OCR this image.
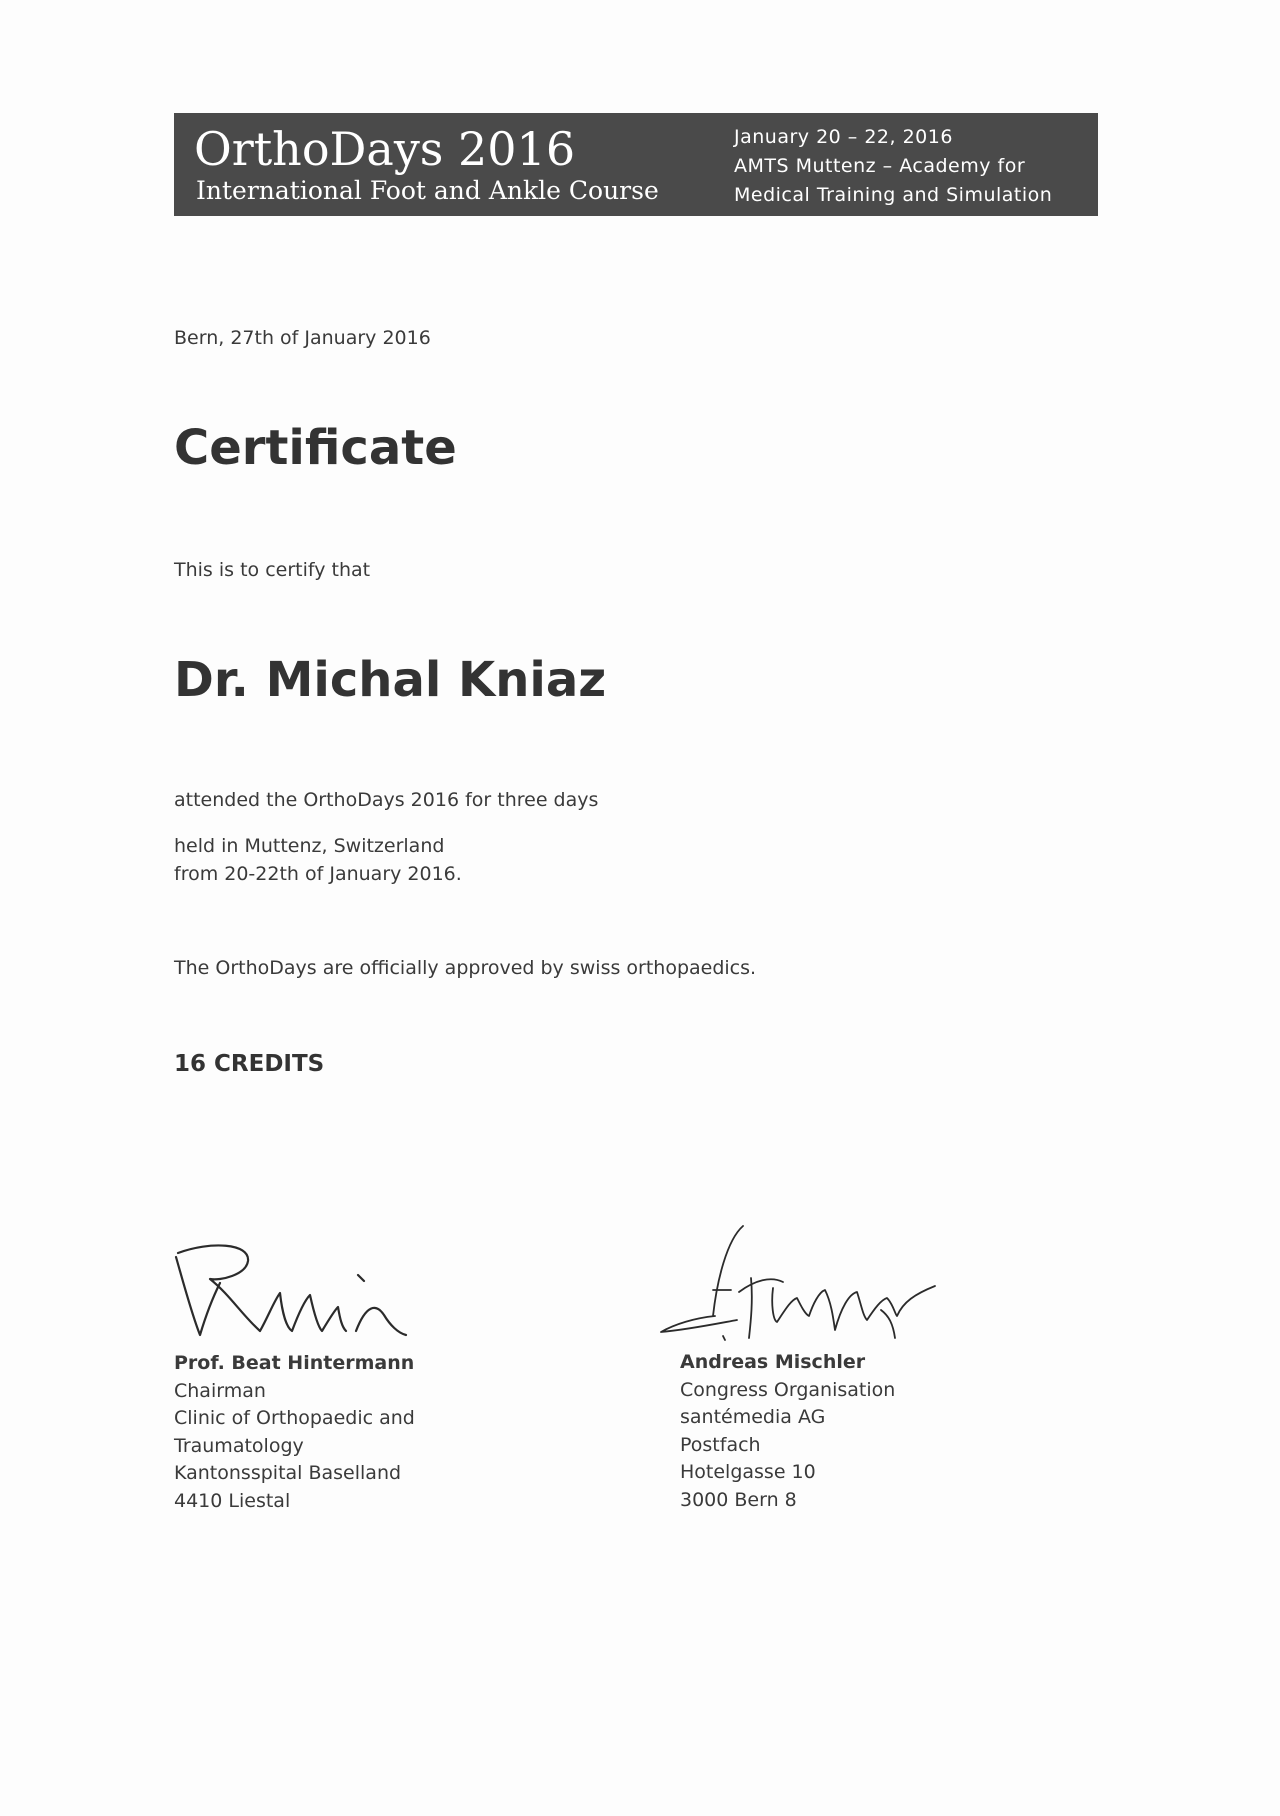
OrthoDays 2016
International Foot and Ankle Course
January 20 – 22, 2016
AMTS Muttenz – Academy for
Medical Training and Simulation
Bern, 27th of January 2016
Certificate
This is to certify that
Dr. Michal Kniaz
attended the OrthoDays 2016 for three days
held in Muttenz, Switzerland
from 20-22th of January 2016.
The OrthoDays are officially approved by swiss orthopaedics.
16 CREDITS
Prof. Beat Hintermann
Chairman
Clinic of Orthopaedic and
Traumatology
Kantonsspital Baselland
4410 Liestal
Andreas Mischler
Congress Organisation
santémedia AG
Postfach
Hotelgasse 10
3000 Bern 8
